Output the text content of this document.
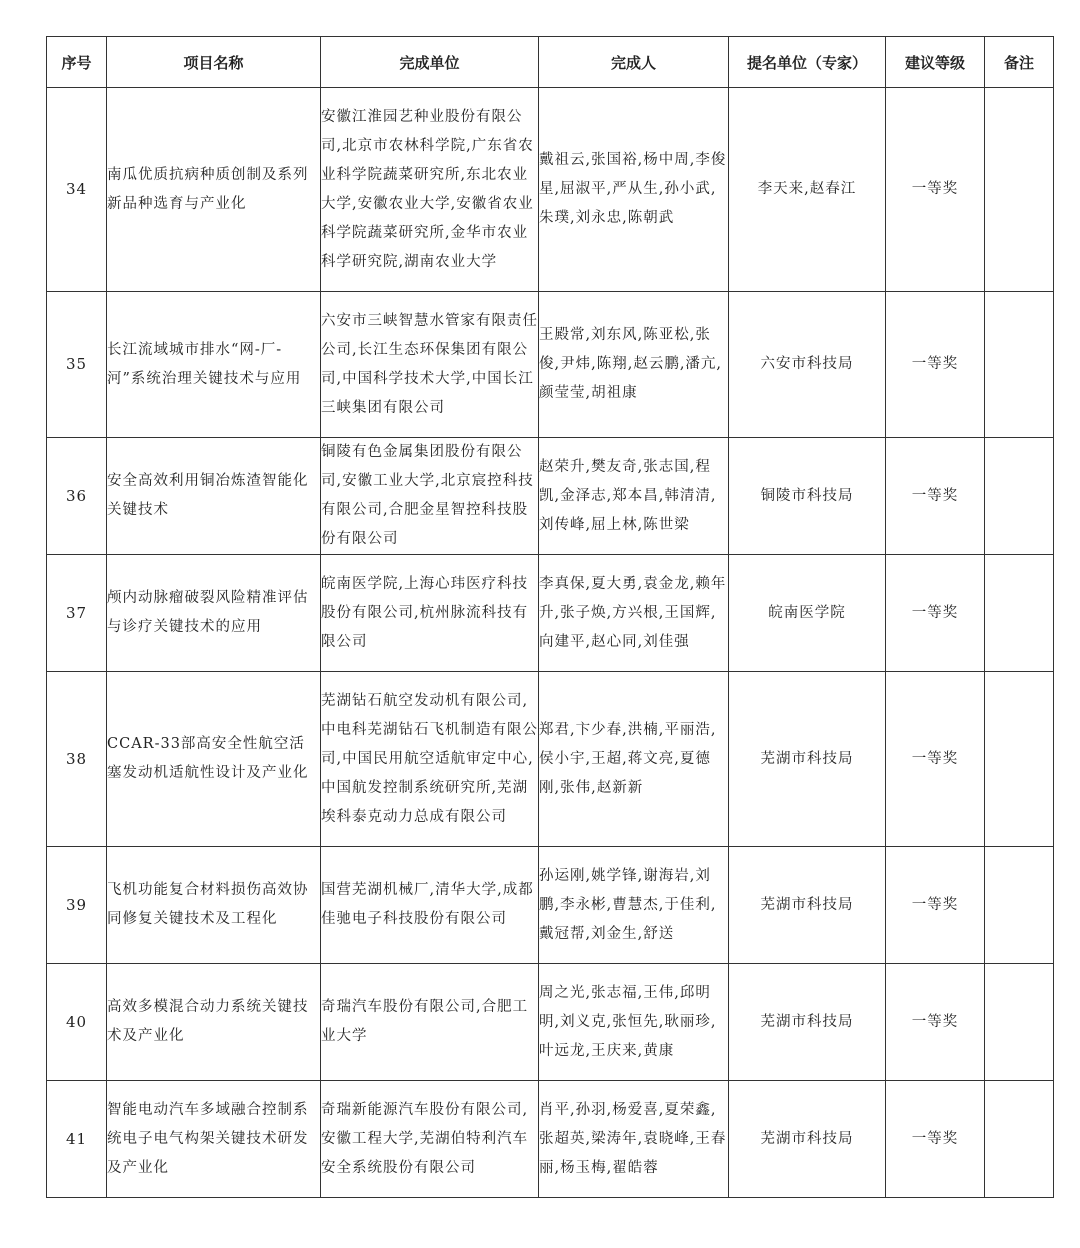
序号	项目名称	完成单位	完成人	提名单位（专家）	建议等级	备注
34	南瓜优质抗病种质创制及系列新品种选育与产业化	安徽江淮园艺种业股份有限公司,北京市农林科学院,广东省农业科学院蔬菜研究所,东北农业大学,安徽农业大学,安徽省农业科学院蔬菜研究所,金华市农业科学研究院,湖南农业大学	戴祖云,张国裕,杨中周,李俊星,屈淑平,严从生,孙小武,朱璞,刘永忠,陈朝武	李天来,赵春江	一等奖	
35	长江流域城市排水“网-厂-河”系统治理关键技术与应用	六安市三峡智慧水管家有限责任公司,长江生态环保集团有限公司,中国科学技术大学,中国长江三峡集团有限公司	王殿常,刘东风,陈亚松,张俊,尹炜,陈翔,赵云鹏,潘亢,颜莹莹,胡祖康	六安市科技局	一等奖	
36	安全高效利用铜冶炼渣智能化关键技术	铜陵有色金属集团股份有限公司,安徽工业大学,北京宸控科技有限公司,合肥金星智控科技股份有限公司	赵荣升,樊友奇,张志国,程凯,金泽志,郑本昌,韩清清,刘传峰,屈上林,陈世梁	铜陵市科技局	一等奖	
37	颅内动脉瘤破裂风险精准评估与诊疗关键技术的应用	皖南医学院,上海心玮医疗科技股份有限公司,杭州脉流科技有限公司	李真保,夏大勇,袁金龙,赖年升,张子焕,方兴根,王国辉,向建平,赵心同,刘佳强	皖南医学院	一等奖	
38	CCAR-33部高安全性航空活塞发动机适航性设计及产业化	芜湖钻石航空发动机有限公司,中电科芜湖钻石飞机制造有限公司,中国民用航空适航审定中心,中国航发控制系统研究所,芜湖埃科泰克动力总成有限公司	郑君,卞少春,洪楠,平丽浩,侯小宇,王超,蒋文亮,夏德刚,张伟,赵新新	芜湖市科技局	一等奖	
39	飞机功能复合材料损伤高效协同修复关键技术及工程化	国营芜湖机械厂,清华大学,成都佳驰电子科技股份有限公司	孙运刚,姚学锋,谢海岩,刘鹏,李永彬,曹慧杰,于佳利,戴冠帮,刘金生,舒送	芜湖市科技局	一等奖	
40	高效多模混合动力系统关键技术及产业化	奇瑞汽车股份有限公司,合肥工业大学	周之光,张志福,王伟,邱明明,刘义克,张恒先,耿丽珍,叶远龙,王庆来,黄康	芜湖市科技局	一等奖	
41	智能电动汽车多域融合控制系统电子电气构架关键技术研发及产业化	奇瑞新能源汽车股份有限公司,安徽工程大学,芜湖伯特利汽车安全系统股份有限公司	肖平,孙羽,杨爱喜,夏荣鑫,张超英,梁涛年,袁晓峰,王春丽,杨玉梅,翟皓蓉	芜湖市科技局	一等奖	
